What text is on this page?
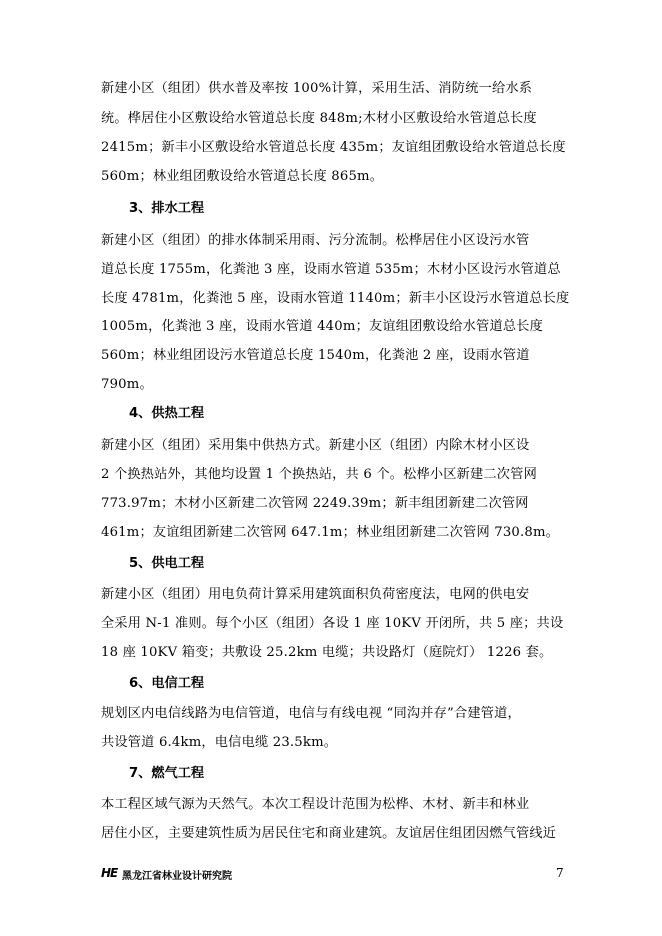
新建小区（组团）供水普及率按 100%计算，采用生活、消防统一给水系
统。桦居住小区敷设给水管道总长度 848m;木材小区敷设给水管道总长度
2415m；新丰小区敷设给水管道总长度 435m；友谊组团敷设给水管道总长度
560m；林业组团敷设给水管道总长度 865m。
3、排水工程
新建小区（组团）的排水体制采用雨、污分流制。松桦居住小区设污水管
道总长度 1755m，化粪池 3 座，设雨水管道 535m；木材小区设污水管道总
长度 4781m，化粪池 5 座，设雨水管道 1140m；新丰小区设污水管道总长度
1005m，化粪池 3 座，设雨水管道 440m；友谊组团敷设给水管道总长度
560m；林业组团设污水管道总长度 1540m，化粪池 2 座，设雨水管道
790m。
4、供热工程
新建小区（组团）采用集中供热方式。新建小区（组团）内除木材小区设
2 个换热站外，其他均设置 1 个换热站，共 6 个。松桦小区新建二次管网
773.97m；木材小区新建二次管网 2249.39m；新丰组团新建二次管网
461m；友谊组团新建二次管网 647.1m；林业组团新建二次管网 730.8m。
5、供电工程
新建小区（组团）用电负荷计算采用建筑面积负荷密度法，电网的供电安
全采用 N-1 准则。每个小区（组团）各设 1 座 10KV 开闭所，共 5 座；共设
18 座 10KV 箱变；共敷设 25.2km 电缆；共设路灯（庭院灯） 1226 套。
6、电信工程
规划区内电信线路为电信管道，电信与有线电视 “同沟并存”合建管道，
共设管道 6.4km，电信电缆 23.5km。
7、燃气工程
本工程区域气源为天然气。本次工程设计范围为松桦、木材、新丰和林业
居住小区，主要建筑性质为居民住宅和商业建筑。友谊居住组团因燃气管线近
HE 黑龙江省林业设计研究院	7
